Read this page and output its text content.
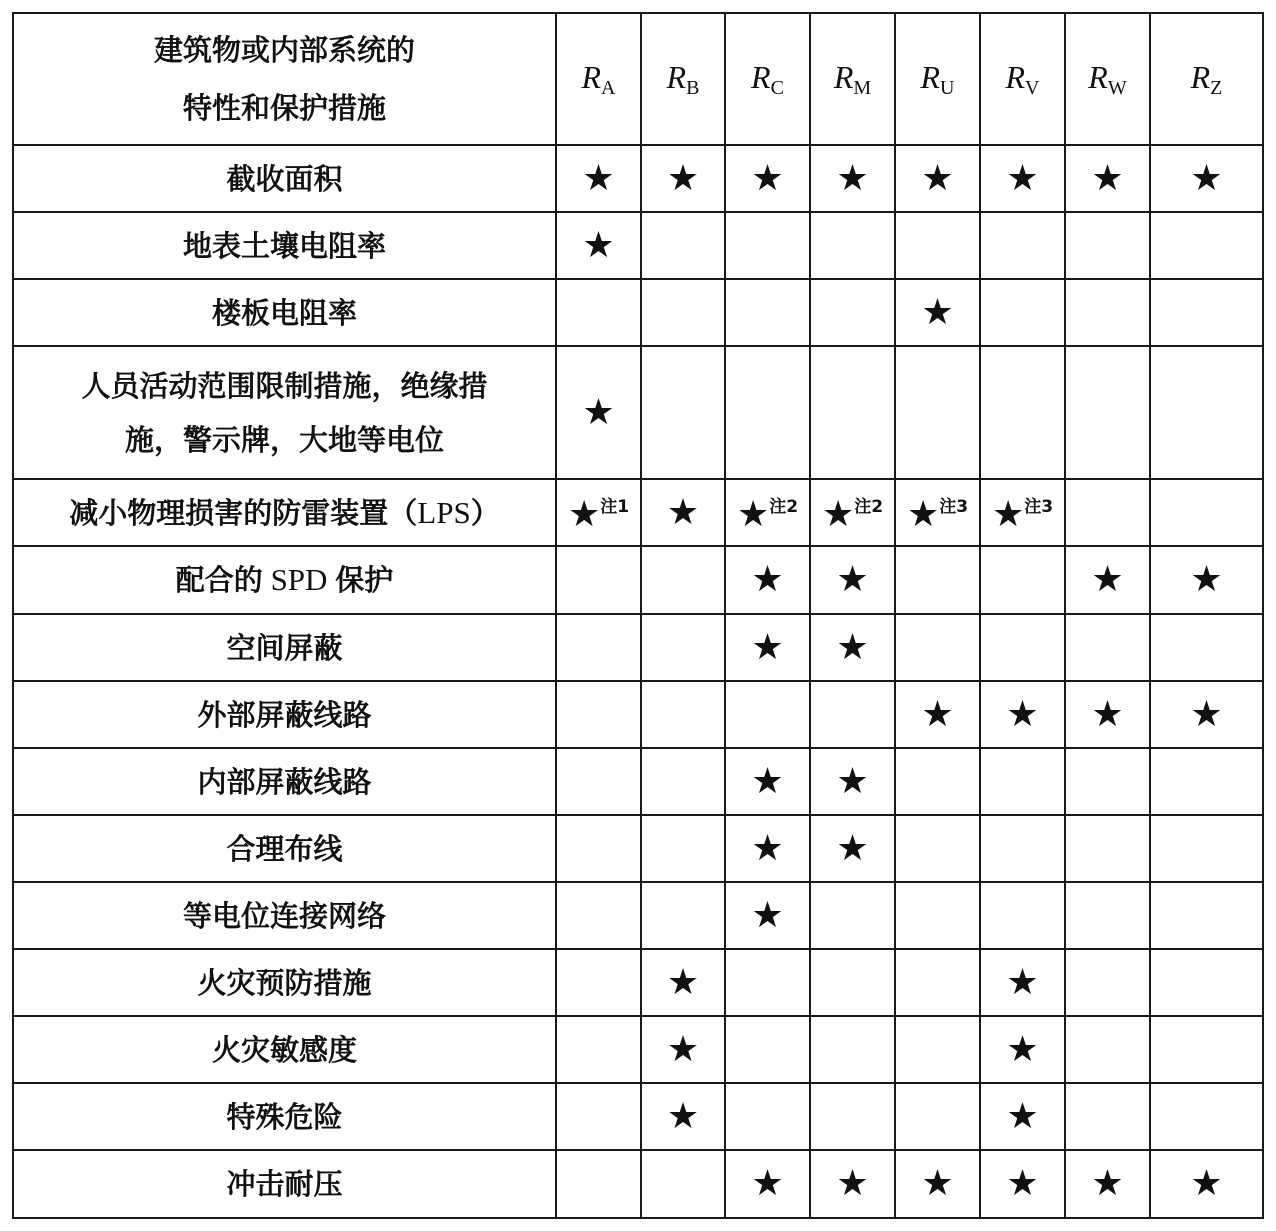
建筑物或内部系统的
特性和保护措施	$R_A$	$R_B$	$R_C$	$R_M$	$R_U$	$R_V$	$R_W$	$R_Z$

截收面积	★	★	★	★	★	★	★	★

地表土壤电阻率	★							

楼板电阻率					★			

人员活动范围限制措施，绝缘措
施，警示牌，大地等电位	★							

减小物理损害的防雷装置（LPS）	★注1	★	★注2	★注2	★注3	★注3		

配合的 SPD 保护			★	★			★	★

空间屏蔽			★	★				

外部屏蔽线路					★	★	★	★

内部屏蔽线路			★	★				

合理布线			★	★				

等电位连接网络			★					

火灾预防措施		★				★		

火灾敏感度		★				★		

特殊危险		★				★		

冲击耐压			★	★	★	★	★	★
